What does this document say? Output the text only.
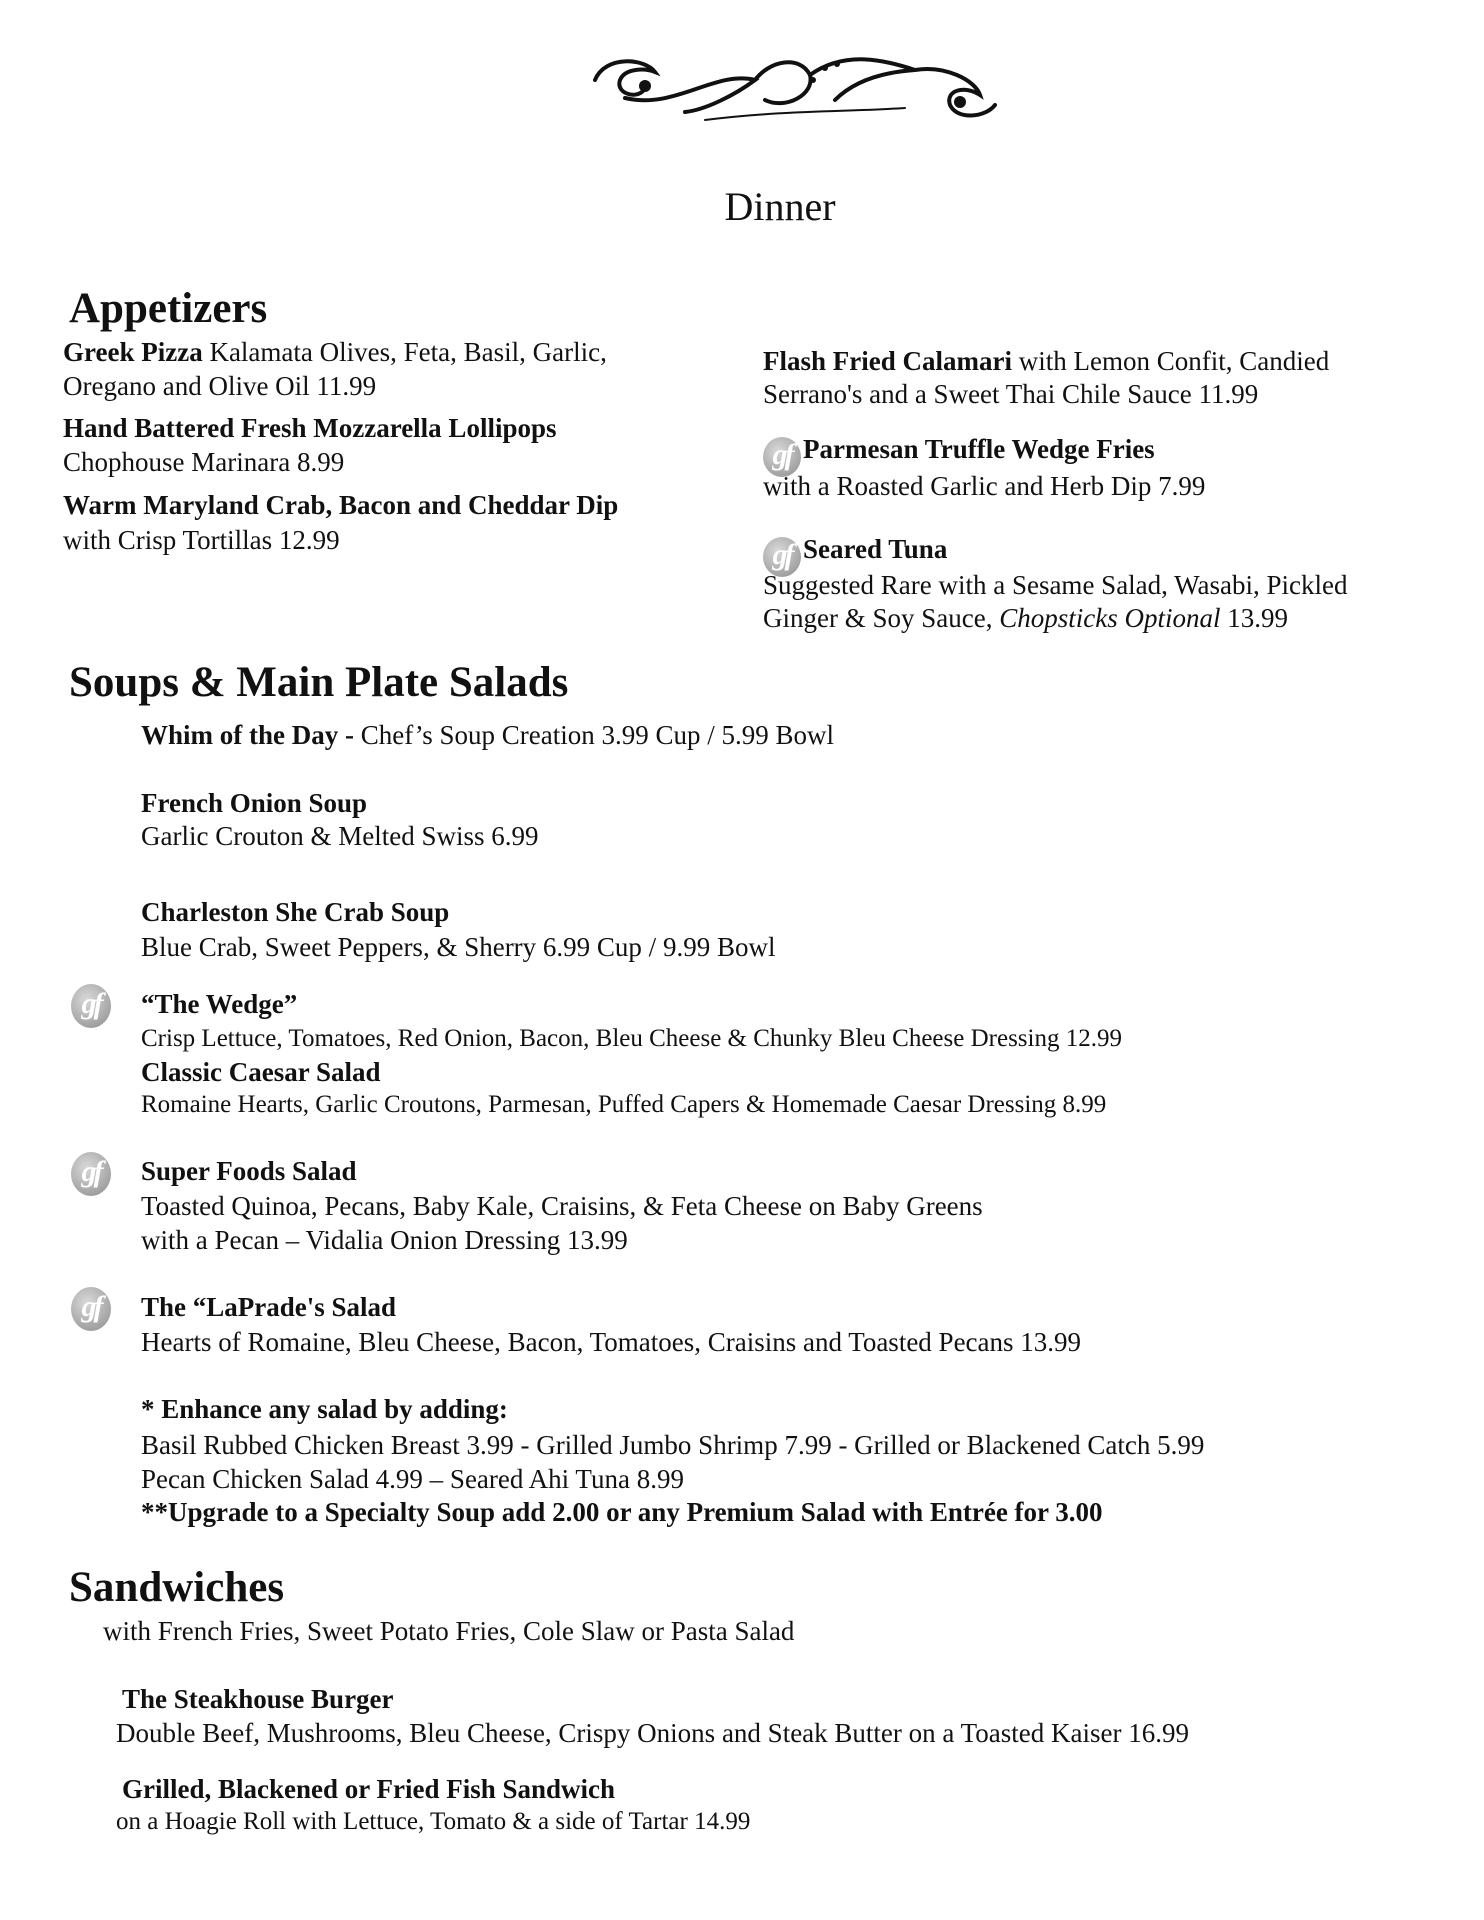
Dinner
Appetizers
Greek Pizza Kalamata Olives, Feta, Basil, Garlic,
Oregano and Olive Oil 11.99
Hand Battered Fresh Mozzarella Lollipops
Chophouse Marinara 8.99
Warm Maryland Crab, Bacon and Cheddar Dip
with Crisp Tortillas 12.99
Flash Fried Calamari with Lemon Confit, Candied
Serrano's and a Sweet Thai Chile Sauce 11.99
gf Parmesan Truffle Wedge Fries
with a Roasted Garlic and Herb Dip 7.99
gf Seared Tuna
Suggested Rare with a Sesame Salad, Wasabi, Pickled
Ginger & Soy Sauce, Chopsticks Optional 13.99
Soups & Main Plate Salads
Whim of the Day - Chef’s Soup Creation 3.99 Cup / 5.99 Bowl
French Onion Soup
Garlic Crouton & Melted Swiss 6.99
Charleston She Crab Soup
Blue Crab, Sweet Peppers, & Sherry 6.99 Cup / 9.99 Bowl
gf	“The Wedge”
Crisp Lettuce, Tomatoes, Red Onion, Bacon, Bleu Cheese & Chunky Bleu Cheese Dressing 12.99
Classic Caesar Salad
Romaine Hearts, Garlic Croutons, Parmesan, Puffed Capers & Homemade Caesar Dressing 8.99
gf	Super Foods Salad
Toasted Quinoa, Pecans, Baby Kale, Craisins, & Feta Cheese on Baby Greens
with a Pecan – Vidalia Onion Dressing 13.99
gf	The “LaPrade's Salad
Hearts of Romaine, Bleu Cheese, Bacon, Tomatoes, Craisins and Toasted Pecans 13.99
* Enhance any salad by adding:
Basil Rubbed Chicken Breast 3.99 - Grilled Jumbo Shrimp 7.99 - Grilled or Blackened Catch 5.99
Pecan Chicken Salad 4.99 – Seared Ahi Tuna 8.99
**Upgrade to a Specialty Soup add 2.00 or any Premium Salad with Entrée for 3.00
Sandwiches
with French Fries, Sweet Potato Fries, Cole Slaw or Pasta Salad
The Steakhouse Burger
Double Beef, Mushrooms, Bleu Cheese, Crispy Onions and Steak Butter on a Toasted Kaiser 16.99
Grilled, Blackened or Fried Fish Sandwich
on a Hoagie Roll with Lettuce, Tomato & a side of Tartar 14.99
